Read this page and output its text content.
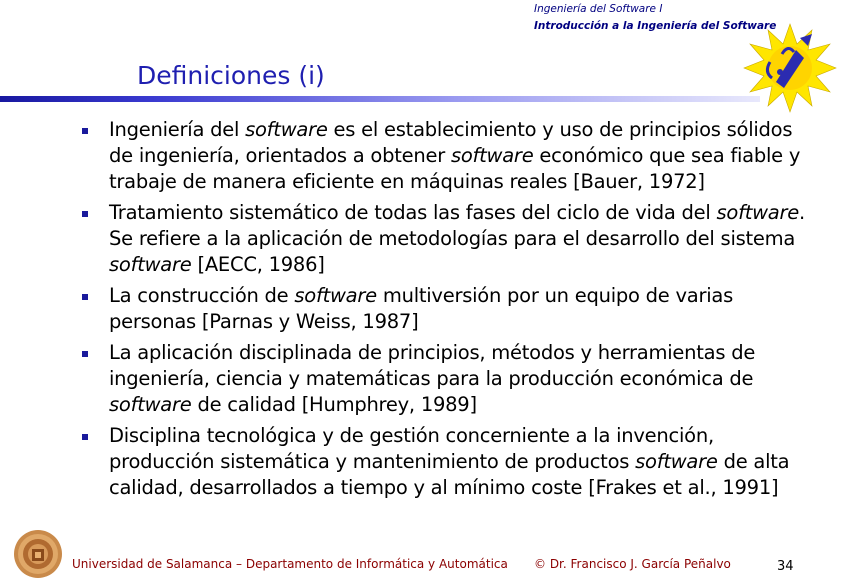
Ingeniería del Software I
Introducción a la Ingeniería del Software
Definiciones (i)
Ingeniería del software es el establecimiento y uso de principios sólidos de ingeniería, orientados a obtener software económico que sea fiable y trabaje de manera eficiente en máquinas reales [Bauer, 1972]
Tratamiento sistemático de todas las fases del ciclo de vida del software. Se refiere a la aplicación de metodologías para el desarrollo del sistema software [AECC, 1986]
La construcción de software multiversión por un equipo de varias personas [Parnas y Weiss, 1987]
La aplicación disciplinada de principios, métodos y herramientas de ingeniería, ciencia y matemáticas para la producción económica de software de calidad [Humphrey, 1989]
Disciplina tecnológica y de gestión concerniente a la invención, producción sistemática y mantenimiento de productos software de alta calidad, desarrollados a tiempo y al mínimo coste [Frakes et al., 1991]
Universidad de Salamanca – Departamento de Informática y Automática © Dr. Francisco J. García Peñalvo	34
